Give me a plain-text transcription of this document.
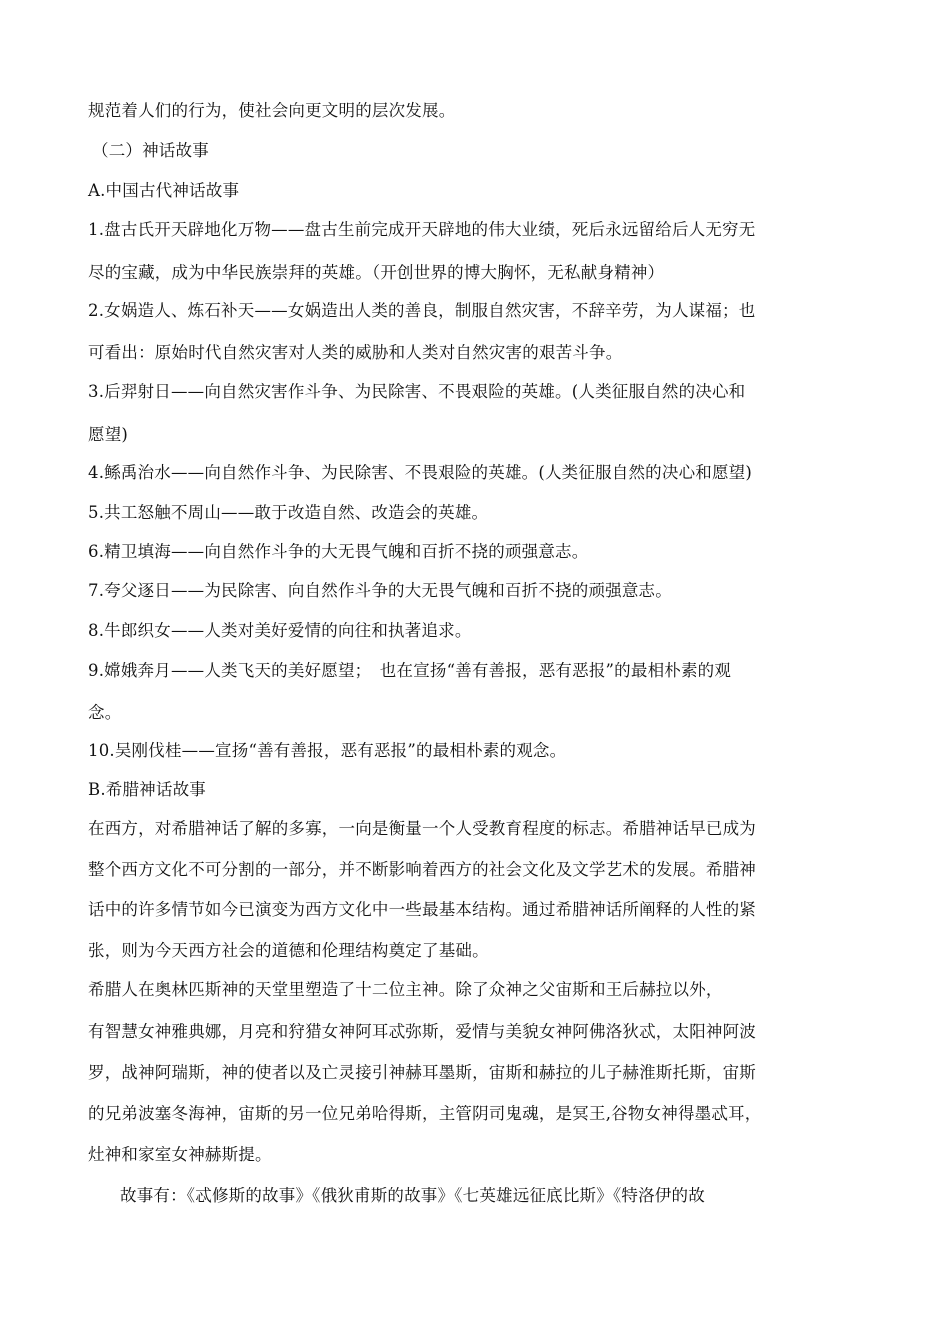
规范着人们的行为，使社会向更文明的层次发展。
（二）神话故事
A.中国古代神话故事
1.盘古氏开天辟地化万物——盘古生前完成开天辟地的伟大业绩，死后永远留给后人无穷无
尽的宝藏，成为中华民族崇拜的英雄。（开创世界的博大胸怀，无私献身精神）
2.女娲造人、炼石补天——女娲造出人类的善良，制服自然灾害，不辞辛劳，为人谋福；也
可看出：原始时代自然灾害对人类的威胁和人类对自然灾害的艰苦斗争。
3.后羿射日——向自然灾害作斗争、为民除害、不畏艰险的英雄。(人类征服自然的决心和
愿望)
4.鲧禹治水——向自然作斗争、为民除害、不畏艰险的英雄。(人类征服自然的决心和愿望)
5.共工怒触不周山——敢于改造自然、改造会的英雄。
6.精卫填海——向自然作斗争的大无畏气魄和百折不挠的顽强意志。
7.夸父逐日——为民除害、向自然作斗争的大无畏气魄和百折不挠的顽强意志。
8.牛郎织女——人类对美好爱情的向往和执著追求。
9.嫦娥奔月——人类飞天的美好愿望；　也在宣扬“善有善报，恶有恶报”的最相朴素的观
念。
10.吴刚伐桂——宣扬“善有善报，恶有恶报”的最相朴素的观念。
B.希腊神话故事
在西方，对希腊神话了解的多寡，一向是衡量一个人受教育程度的标志。希腊神话早已成为
整个西方文化不可分割的一部分，并不断影响着西方的社会文化及文学艺术的发展。希腊神
话中的许多情节如今已演变为西方文化中一些最基本结构。通过希腊神话所阐释的人性的紧
张，则为今天西方社会的道德和伦理结构奠定了基础。
希腊人在奥林匹斯神的天堂里塑造了十二位主神。除了众神之父宙斯和王后赫拉以外，
有智慧女神雅典娜，月亮和狩猎女神阿耳忒弥斯，爱情与美貌女神阿佛洛狄忒，太阳神阿波
罗，战神阿瑞斯，神的使者以及亡灵接引神赫耳墨斯，宙斯和赫拉的儿子赫淮斯托斯，宙斯
的兄弟波塞冬海神，宙斯的另一位兄弟哈得斯，主管阴司鬼魂，是冥王,谷物女神得墨忒耳，
灶神和家室女神赫斯提。
故事有：《忒修斯的故事》《俄狄甫斯的故事》《七英雄远征底比斯》《特洛伊的故
